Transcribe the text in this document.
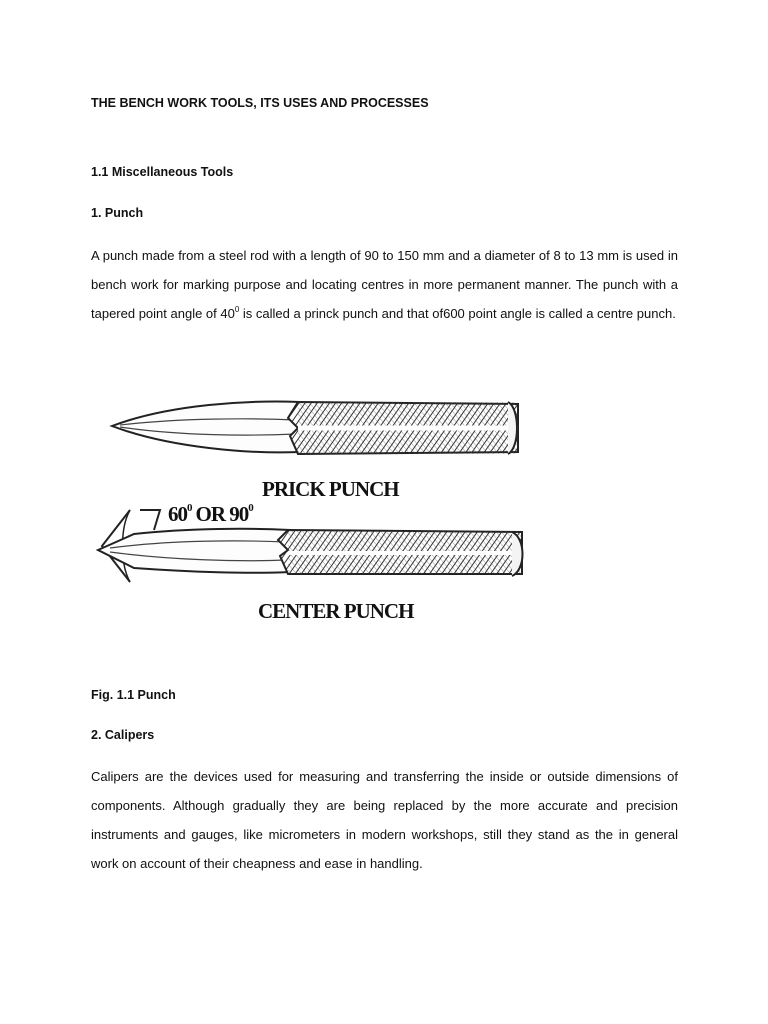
THE BENCH WORK TOOLS, ITS USES AND PROCESSES
1.1 Miscellaneous Tools
1. Punch

A punch made from a steel rod with a length of 90 to 150 mm and a diameter of 8 to 13 mm is used in bench work for marking purpose and locating centres in more permanent manner. The punch with a tapered point angle of $40^0$ is called a princk punch and that of600 point angle is called a centre punch.

PRICK PUNCH
$60^0$ OR $90^0$
CENTER PUNCH
Fig. 1.1 Punch
2. Calipers

Calipers are the devices used for measuring and transferring the inside or outside dimensions of components. Although gradually they are being replaced by the more accurate and precision instruments and gauges, like micrometers in modern workshops, still they stand as the in general work on account of their cheapness and ease in handling.
